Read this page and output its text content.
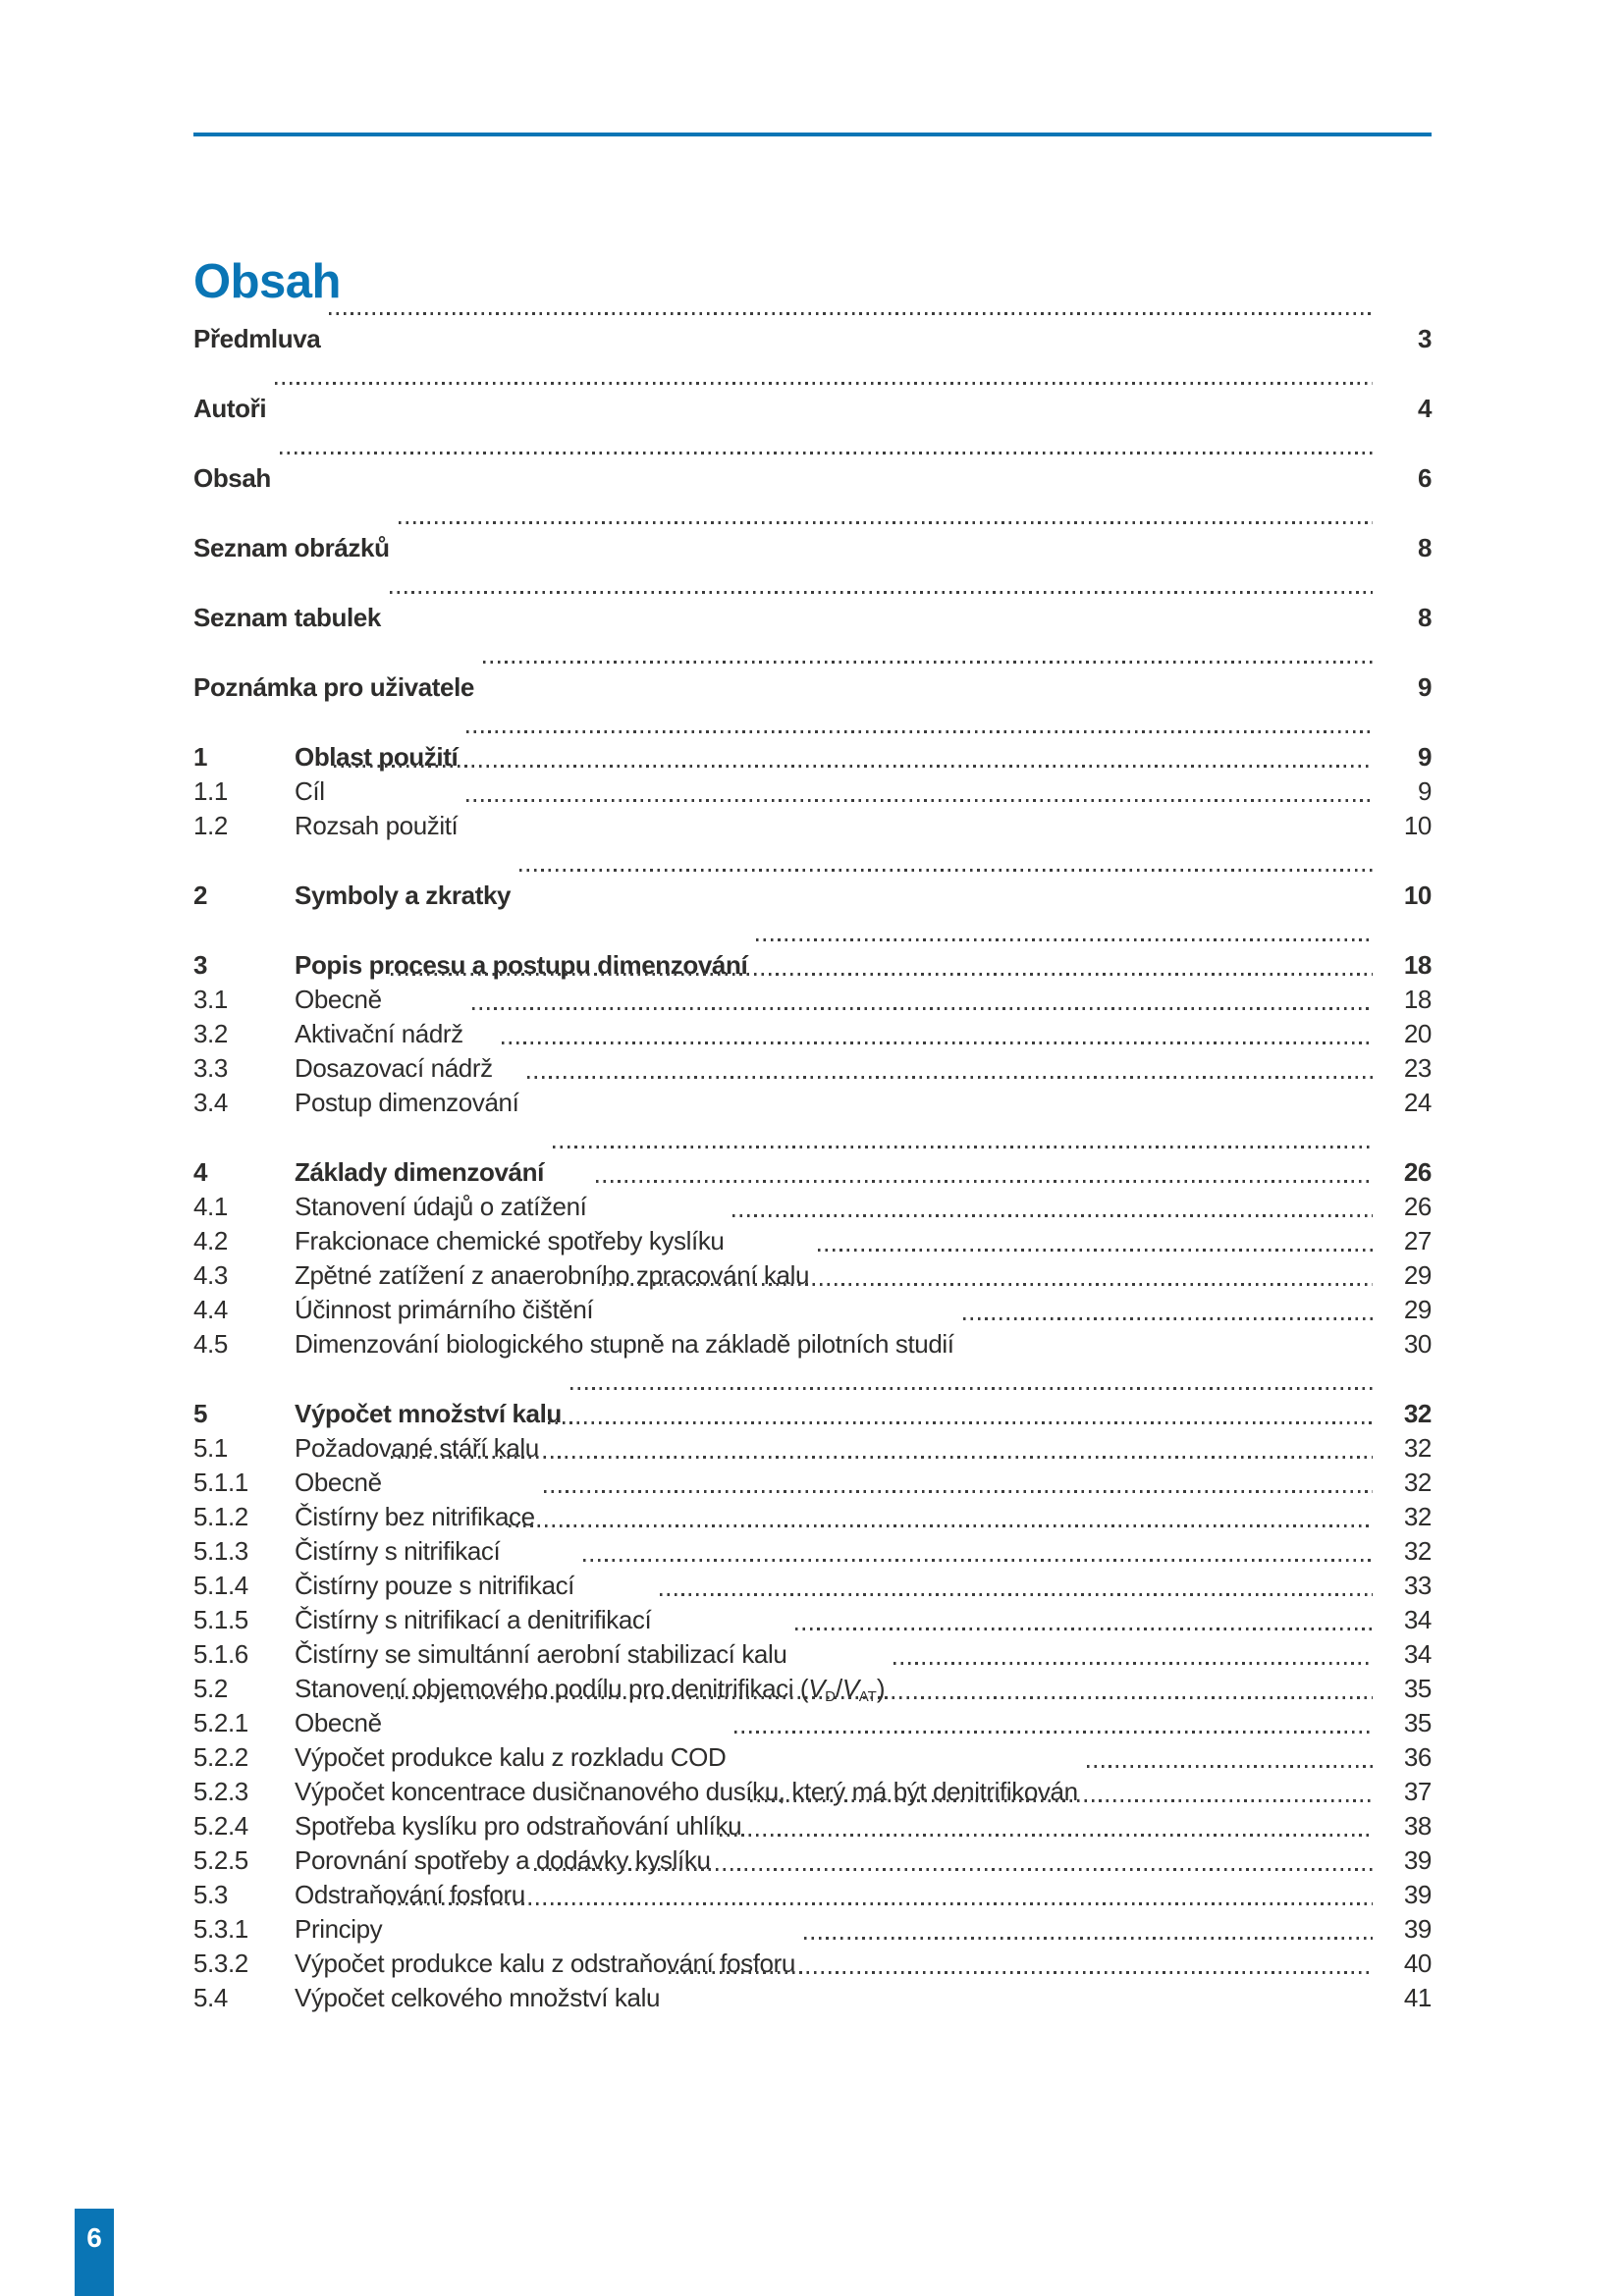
Obsah
Předmluva	3
Autoři	4
Obsah	6
Seznam obrázků	8
Seznam tabulek	8
Poznámka pro uživatele	9
1	Oblast použití	9
1.1	Cíl	9
1.2	Rozsah použití	10
2	Symboly a zkratky	10
3	Popis procesu a postupu dimenzování	18
3.1	Obecně	18
3.2	Aktivační nádrž	20
3.3	Dosazovací nádrž	23
3.4	Postup dimenzování	24
4	Základy dimenzování	26
4.1	Stanovení údajů o zatížení	26
4.2	Frakcionace chemické spotřeby kyslíku	27
4.3	Zpětné zatížení z anaerobního zpracování kalu	29
4.4	Účinnost primárního čištění	29
4.5	Dimenzování biologického stupně na základě pilotních studií	30
5	Výpočet množství kalu	32
5.1	Požadované stáří kalu	32
5.1.1	Obecně	32
5.1.2	Čistírny bez nitrifikace	32
5.1.3	Čistírny s nitrifikací	32
5.1.4	Čistírny pouze s nitrifikací	33
5.1.5	Čistírny s nitrifikací a denitrifikací	34
5.1.6	Čistírny se simultánní aerobní stabilizací kalu	34
5.2	Stanovení objemového podílu pro denitrifikaci $(V_D/V_{AT})$	35
5.2.1	Obecně	35
5.2.2	Výpočet produkce kalu z rozkladu COD	36
5.2.3	Výpočet koncentrace dusičnanového dusíku, který má být denitrifikován	37
5.2.4	Spotřeba kyslíku pro odstraňování uhlíku	38
5.2.5	Porovnání spotřeby a dodávky kyslíku	39
5.3	Odstraňování fosforu	39
5.3.1	Principy	39
5.3.2	Výpočet produkce kalu z odstraňování fosforu	40
5.4	Výpočet celkového množství kalu	41
6
